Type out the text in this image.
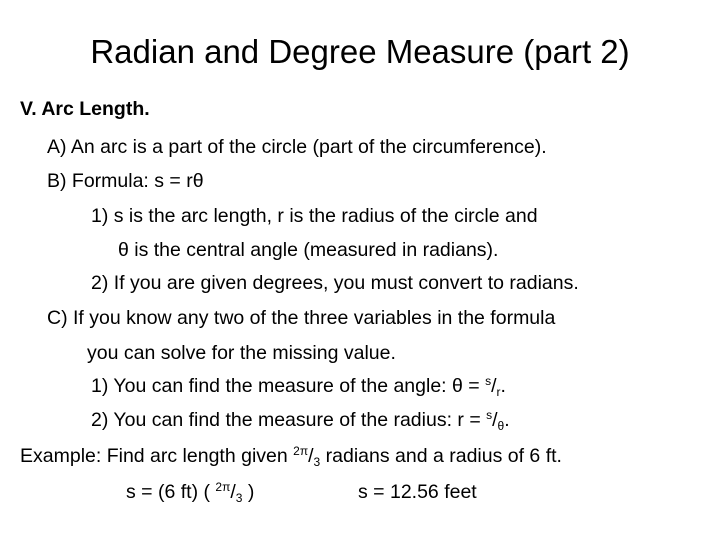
Radian and Degree Measure (part 2)
V. Arc Length.
A) An arc is a part of the circle (part of the circumference).
B) Formula: s = rθ
1) s is the arc length, r is the radius of the circle and
θ is the central angle (measured in radians).
2) If you are given degrees, you must convert to radians.
C) If you know any two of the three variables in the formula
you can solve for the missing value.
1) You can find the measure of the angle: $\theta = ^s/_r$.
2) You can find the measure of the radius: $r = ^s/_\theta$.
Example: Find arc length given $^{2\pi}/_3$ radians and a radius of 6 ft.
s = (6 ft) ( $^{2\pi}/_3$ )	s = 12.56 feet
